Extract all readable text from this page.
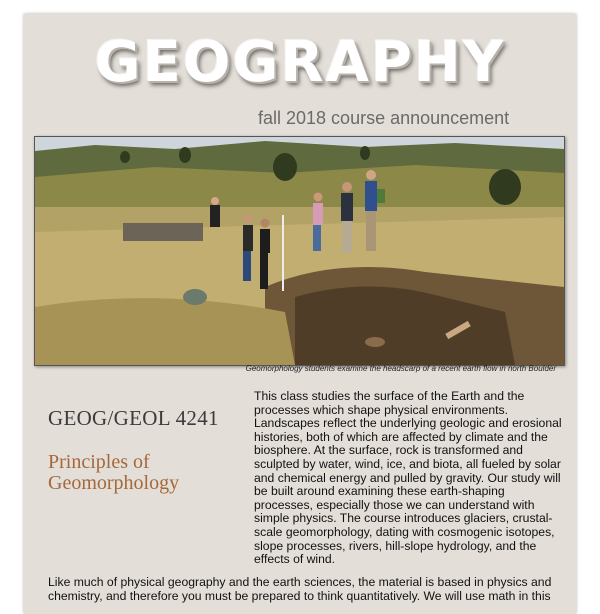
GEOGRAPHY
fall 2018 course announcement
Geomorphology students examine the headscarp of a recent earth flow in north Boulder
GEOG/GEOL 4241
Principles of Geomorphology
This class studies the surface of the Earth and the processes which shape physical environments. Landscapes reflect the underlying geologic and erosional histories, both of which are affected by climate and the biosphere. At the surface, rock is transformed and sculpted by water, wind, ice, and biota, all fueled by solar and chemical energy and pulled by gravity. Our study will be built around examining these earth-shaping processes, especially those we can understand with simple physics. The course introduces glaciers, crustal-scale geomorphology, dating with cosmogenic isotopes, slope processes, rivers, hill-slope hydrology, and the effects of wind.
Like much of physical geography and the earth sciences, the material is based in physics and chemistry, and therefore you must be prepared to think quantitatively. We will use math in this
